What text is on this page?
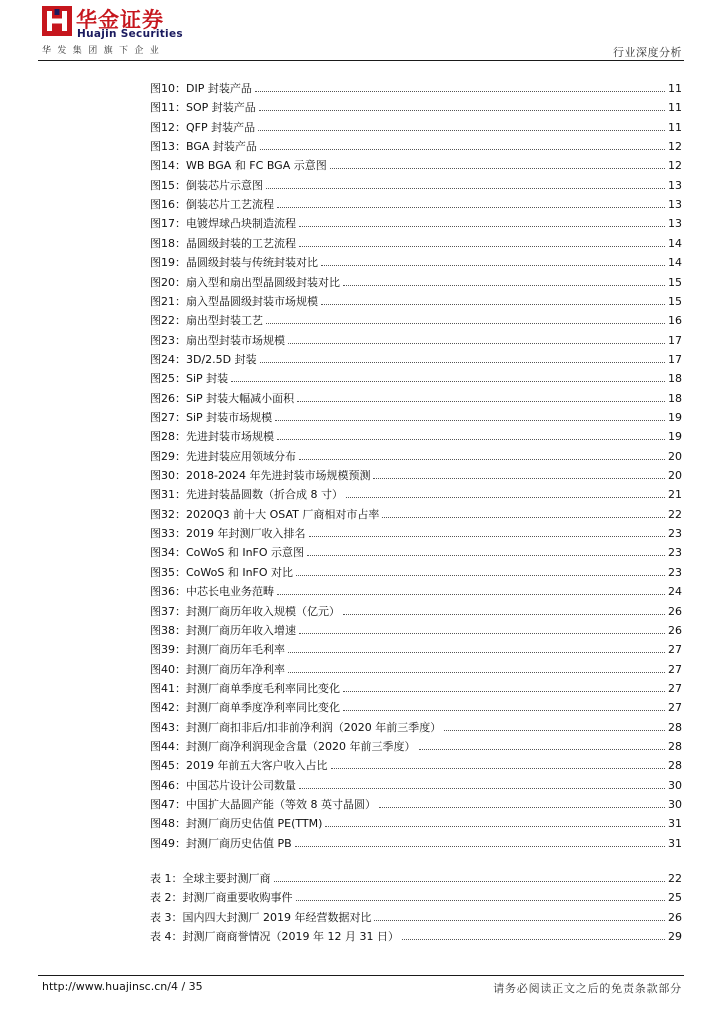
华金证券
Huajin Securities
华发集团旗下企业	行业深度分析
图10：DIP 封装产品	11
图11：SOP 封装产品	11
图12：QFP 封装产品	11
图13：BGA 封装产品	12
图14：WB BGA 和 FC BGA 示意图	12
图15：倒装芯片示意图	13
图16：倒装芯片工艺流程	13
图17：电镀焊球凸块制造流程	13
图18：晶圆级封装的工艺流程	14
图19：晶圆级封装与传统封装对比	14
图20：扇入型和扇出型晶圆级封装对比	15
图21：扇入型晶圆级封装市场规模	15
图22：扇出型封装工艺	16
图23：扇出型封装市场规模	17
图24：3D/2.5D 封装	17
图25：SiP 封装	18
图26：SiP 封装大幅减小面积	18
图27：SiP 封装市场规模	19
图28：先进封装市场规模	19
图29：先进封装应用领域分布	20
图30：2018-2024 年先进封装市场规模预测	20
图31：先进封装晶圆数（折合成 8 寸）	21
图32：2020Q3 前十大 OSAT 厂商相对市占率	22
图33：2019 年封测厂收入排名	23
图34：CoWoS 和 InFO 示意图	23
图35：CoWoS 和 InFO 对比	23
图36：中芯长电业务范畴	24
图37：封测厂商历年收入规模（亿元）	26
图38：封测厂商历年收入增速	26
图39：封测厂商历年毛利率	27
图40：封测厂商历年净利率	27
图41：封测厂商单季度毛利率同比变化	27
图42：封测厂商单季度净利率同比变化	27
图43：封测厂商扣非后/扣非前净利润（2020 年前三季度）	28
图44：封测厂商净利润现金含量（2020 年前三季度）	28
图45：2019 年前五大客户收入占比	28
图46：中国芯片设计公司数量	30
图47：中国扩大晶圆产能（等效 8 英寸晶圆）	30
图48：封测厂商历史估值 PE(TTM)	31
图49：封测厂商历史估值 PB	31
表 1：全球主要封测厂商	22
表 2：封测厂商重要收购事件	25
表 3：国内四大封测厂 2019 年经营数据对比	26
表 4：封测厂商商誉情况（2019 年 12 月 31 日）	29
http://www.huajinsc.cn/4 / 35	请务必阅读正文之后的免责条款部分
